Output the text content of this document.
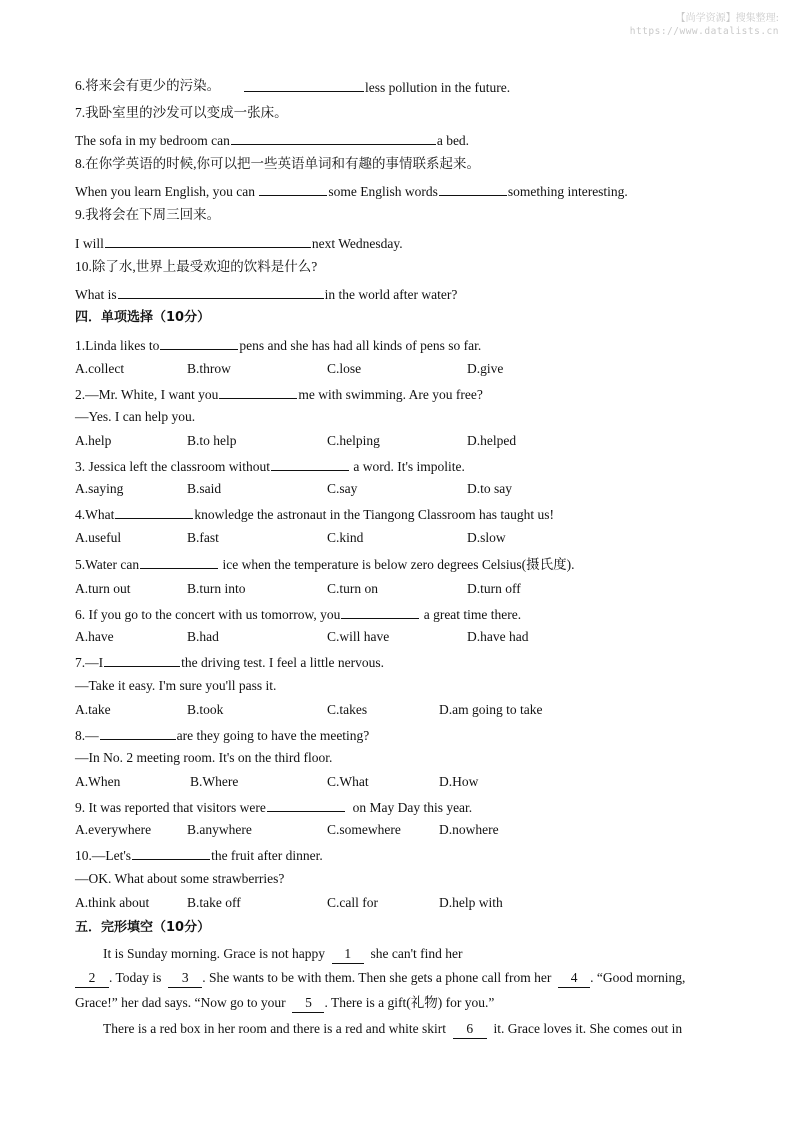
【尚学资源】搜集整理:
https://www.datalists.cn
6.将来会有更少的污染。	less pollution in the future.
7.我卧室里的沙发可以变成一张床。
The sofa in my bedroom can	a bed.
8.在你学英语的时候,你可以把一些英语单词和有趣的事情联系起来。
When you learn English, you can	some English words	something interesting.
9.我将会在下周三回来。
I will	next Wednesday.
10.除了水,世界上最受欢迎的饮料是什么?
What is	in the world after water?
四．单项选择（10分）
1.Linda likes to	pens and she has had all kinds of pens so far.
A.collect	B.throw	C.lose	D.give
2.—Mr. White, I want you	me with swimming. Are you free?
—Yes. I can help you.
A.help	B.to help	C.helping	D.helped
3. Jessica left the classroom without	a word. It's impolite.
A.saying	B.said	C.say	D.to say
4.What	knowledge the astronaut in the Tiangong Classroom has taught us!
A.useful	B.fast	C.kind	D.slow
5.Water can	ice when the temperature is below zero degrees Celsius(摄氏度).
A.turn out	B.turn into	C.turn on	D.turn off
6. If you go to the concert with us tomorrow, you	a great time there.
A.have	B.had	C.will have	D.have had
7.—I	the driving test. I feel a little nervous.
—Take it easy. I'm sure you'll pass it.
A.take	B.took	C.takes	D.am going to take
8.—	are they going to have the meeting?
—In No. 2 meeting room. It's on the third floor.
A.When	B.Where	C.What	D.How
9. It was reported that visitors were	on May Day this year.
A.everywhere	B.anywhere	C.somewhere	D.nowhere
10.—Let's	the fruit after dinner.
—OK. What about some strawberries?
A.think about	B.take off	C.call for	D.help with
五．完形填空（10分）
It is Sunday morning. Grace is not happy 1 she can't find her
2 . Today is 3 . She wants to be with them. Then she gets a phone call from her 4 . “Good morning,
Grace!” her dad says. “Now go to your 5 . There is a gift(礼物) for you.”
There is a red box in her room and there is a red and white skirt 6 it. Grace loves it. She comes out in
